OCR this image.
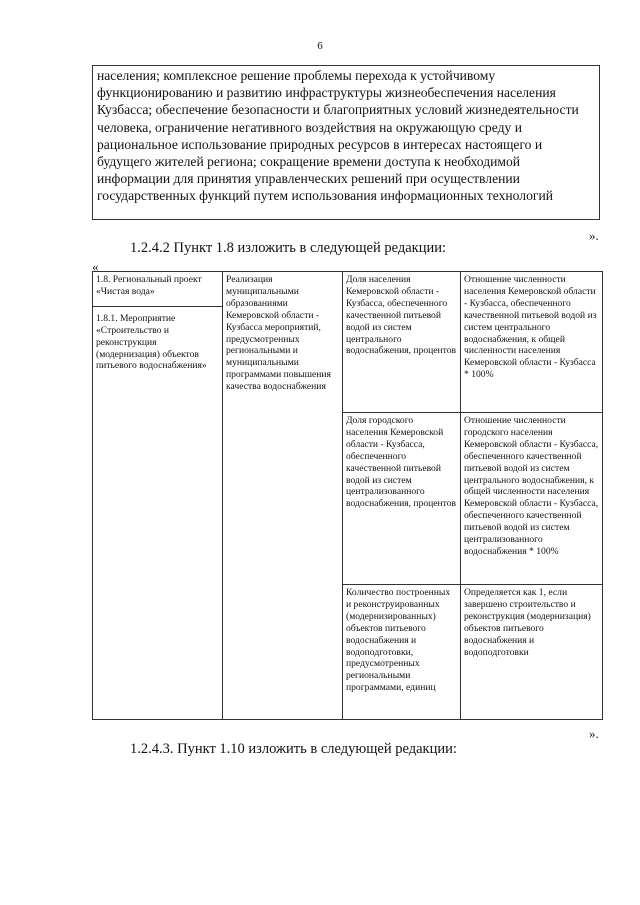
6
населения; комплексное решение проблемы перехода к устойчивому функционированию и развитию инфраструктуры жизнеобеспечения населения Кузбасса; обеспечение безопасности и благоприятных условий жизнедеятельности человека, ограничение негативного воздействия на окружающую среду и рациональное использование природных ресурсов в интересах настоящего и будущего жителей региона; сокращение времени доступа к необходимой информации для принятия управленческих решений при осуществлении государственных функций путем использования информационных технологий
».
1.2.4.2 Пункт 1.8 изложить в следующей редакции:
«
1.8. Региональный проект «Чистая вода»
1.8.1. Мероприятие «Строительство и реконструкция (модернизация) объектов питьевого водоснабжения»	Реализация муниципальными образованиями Кемеровской области - Кузбасса мероприятий, предусмотренных региональными и муниципальными программами повышения качества водоснабжения	Доля населения Кемеровской области - Кузбасса, обеспеченного качественной питьевой водой из систем центрального водоснабжения, процентов	Отношение численности населения Кемеровской области - Кузбасса, обеспеченного качественной питьевой водой из систем центрального водоснабжения, к общей численности населения Кемеровской области - Кузбасса * 100%
		Доля городского населения Кемеровской области - Кузбасса, обеспеченного качественной питьевой водой из систем централизованного водоснабжения, процентов	Отношение численности городского населения Кемеровской области - Кузбасса, обеспеченного качественной питьевой водой из систем центрального водоснабжения, к общей численности населения Кемеровской области - Кузбасса, обеспеченного качественной питьевой водой из систем централизованного водоснабжения * 100%
		Количество построенных и реконструированных (модернизированных) объектов питьевого водоснабжения и водоподготовки, предусмотренных региональными программами, единиц	Определяется как 1, если завершено строительство и реконструкция (модернизация) объектов питьевого водоснабжения и водоподготовки
».
1.2.4.3. Пункт 1.10 изложить в следующей редакции:
